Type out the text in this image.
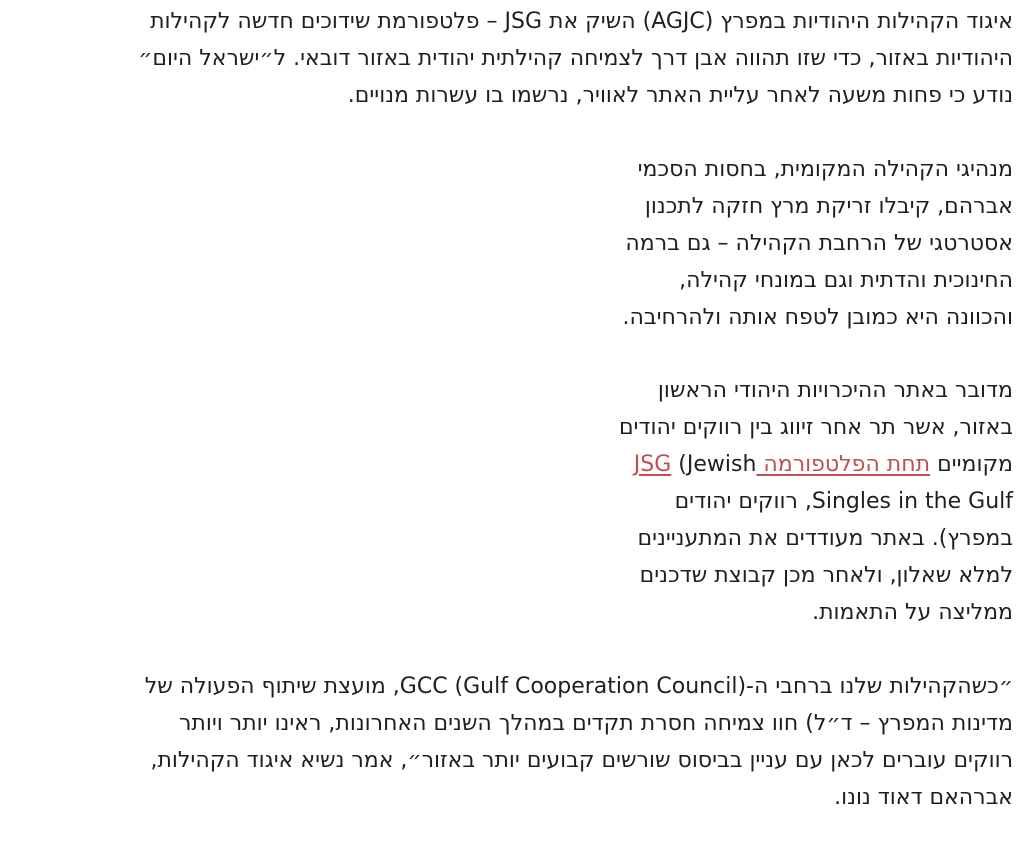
איגוד הקהילות היהודיות במפרץ (AGJC) השיק את JSG – פלטפורמת שידוכים חדשה לקהילות
היהודיות באזור, כדי שזו תהווה אבן דרך לצמיחה קהילתית יהודית באזור דובאי. ל״ישראל היום״
נודע כי פחות משעה לאחר עליית האתר לאוויר, נרשמו בו עשרות מנויים.

מנהיגי הקהילה המקומית, בחסות הסכמי
אברהם, קיבלו זריקת מרץ חזקה לתכנון
אסטרטגי של הרחבת הקהילה – גם ברמה
החינוכית והדתית וגם במונחי קהילה,
והכוונה היא כמובן לטפח אותה ולהרחיבה.

מדובר באתר ההיכרויות היהודי הראשון
באזור, אשר תר אחר זיווג בין רווקים יהודים
מקומיים תחת הפלטפורמה JSG (Jewish
Singles in the Gulf, רווקים יהודים
במפרץ). באתר מעודדים את המתעניינים
למלא שאלון, ולאחר מכן קבוצת שדכנים
ממליצה על התאמות.

״כשהקהילות שלנו ברחבי ה-GCC (Gulf Cooperation Council), מועצת שיתוף הפעולה של
מדינות המפרץ – ד״ל) חוו צמיחה חסרת תקדים במהלך השנים האחרונות, ראינו יותר ויותר
רווקים עוברים לכאן עם עניין בביסוס שורשים קבועים יותר באזור״, אמר נשיא איגוד הקהילות,
אברהאם דאוד נונו.
